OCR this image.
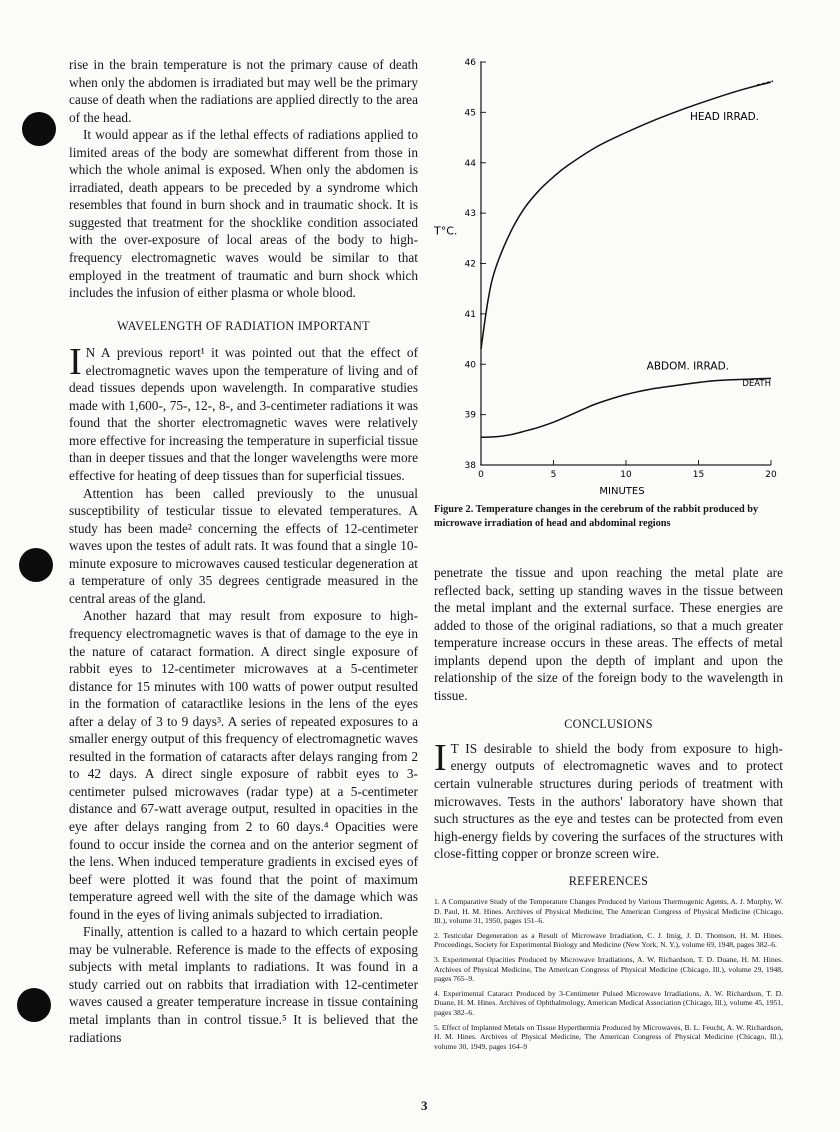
rise in the brain temperature is not the primary cause of death when only the abdomen is irradiated but may well be the primary cause of death when the radiations are applied directly to the area of the head.

It would appear as if the lethal effects of radiations applied to limited areas of the body are somewhat different from those in which the whole animal is exposed. When only the abdomen is irradiated, death appears to be preceded by a syndrome which resembles that found in burn shock and in traumatic shock. It is suggested that treatment for the shocklike condition associated with the over-exposure of local areas of the body to high-frequency electromagnetic waves would be similar to that employed in the treatment of traumatic and burn shock which includes the infusion of either plasma or whole blood.

WAVELENGTH OF RADIATION IMPORTANT

I N A previous report¹ it was pointed out that the effect of electromagnetic waves upon the temperature of living and of dead tissues depends upon wavelength. In comparative studies made with 1,600-, 75-, 12-, 8-, and 3-centimeter radiations it was found that the shorter electromagnetic waves were relatively more effective for increasing the temperature in superficial tissue than in deeper tissues and that the longer wavelengths were more effective for heating of deep tissues than for superficial tissues.

Attention has been called previously to the unusual susceptibility of testicular tissue to elevated temperatures. A study has been made² concerning the effects of 12-centimeter waves upon the testes of adult rats. It was found that a single 10-minute exposure to microwaves caused testicular degeneration at a temperature of only 35 degrees centigrade measured in the central areas of the gland.

Another hazard that may result from exposure to high-frequency electromagnetic waves is that of damage to the eye in the nature of cataract formation. A direct single exposure of rabbit eyes to 12-centimeter microwaves at a 5-centimeter distance for 15 minutes with 100 watts of power output resulted in the formation of cataractlike lesions in the lens of the eyes after a delay of 3 to 9 days³. A series of repeated exposures to a smaller energy output of this frequency of electromagnetic waves resulted in the formation of cataracts after delays ranging from 2 to 42 days. A direct single exposure of rabbit eyes to 3-centimeter pulsed microwaves (radar type) at a 5-centimeter distance and 67-watt average output, resulted in opacities in the eye after delays ranging from 2 to 60 days.⁴ Opacities were found to occur inside the cornea and on the anterior segment of the lens. When induced temperature gradients in excised eyes of beef were plotted it was found that the point of maximum temperature agreed well with the site of the damage which was found in the eyes of living animals subjected to irradiation.

Finally, attention is called to a hazard to which certain people may be vulnerable. Reference is made to the effects of exposing subjects with metal implants to radiations. It was found in a study carried out on rabbits that irradiation with 12-centimeter waves caused a greater temperature increase in tissue containing metal implants than in control tissue.⁵ It is believed that the radiations

38
39
40
41
42
43
44
45
46
0	5	10	15	20
HEAD IRRAD.
ABDOM. IRRAD.
DEATH
T°C.
MINUTES
Figure 2. Temperature changes in the cerebrum of the rabbit produced by microwave irradiation of head and abdominal regions

penetrate the tissue and upon reaching the metal plate are reflected back, setting up standing waves in the tissue between the metal implant and the external surface. These energies are added to those of the original radiations, so that a much greater temperature increase occurs in these areas. The effects of metal implants depend upon the depth of implant and upon the relationship of the size of the foreign body to the wavelength in tissue.

CONCLUSIONS

I T IS desirable to shield the body from exposure to high-energy outputs of electromagnetic waves and to protect certain vulnerable structures during periods of treatment with microwaves. Tests in the authors' laboratory have shown that such structures as the eye and testes can be protected from even high-energy fields by covering the surfaces of the structures with close-fitting copper or bronze screen wire.

REFERENCES

1. A Comparative Study of the Temperature Changes Produced by Various Thermogenic Agents, A. J. Murphy, W. D. Paul, H. M. Hines. Archives of Physical Medicine, The American Congress of Physical Medicine (Chicago, Ill.), volume 31, 1950, pages 151–6.

2. Testicular Degeneration as a Result of Microwave Irradiation, C. J. Imig, J. D. Thomson, H. M. Hines. Proceedings, Society for Experimental Biology and Medicine (New York, N. Y.), volume 69, 1948, pages 382–6.

3. Experimental Opacities Produced by Microwave Irradiations, A. W. Richardson, T. D. Duane, H. M. Hines. Archives of Physical Medicine, The American Congress of Physical Medicine (Chicago, Ill.), volume 29, 1948, pages 765–9.

4. Experimental Cataract Produced by 3-Centimeter Pulsed Microwave Irradiations, A. W. Richardson, T. D. Duane, H. M. Hines. Archives of Ophthalmology, American Medical Association (Chicago, Ill.), volume 45, 1951, pages 382–6.

5. Effect of Implanted Metals on Tissue Hyperthermia Produced by Microwaves, B. L. Feucht, A. W. Richardson, H. M. Hines. Archives of Physical Medicine, The American Congress of Physical Medicine (Chicago, Ill.), volume 30, 1949, pages 164–9

3
